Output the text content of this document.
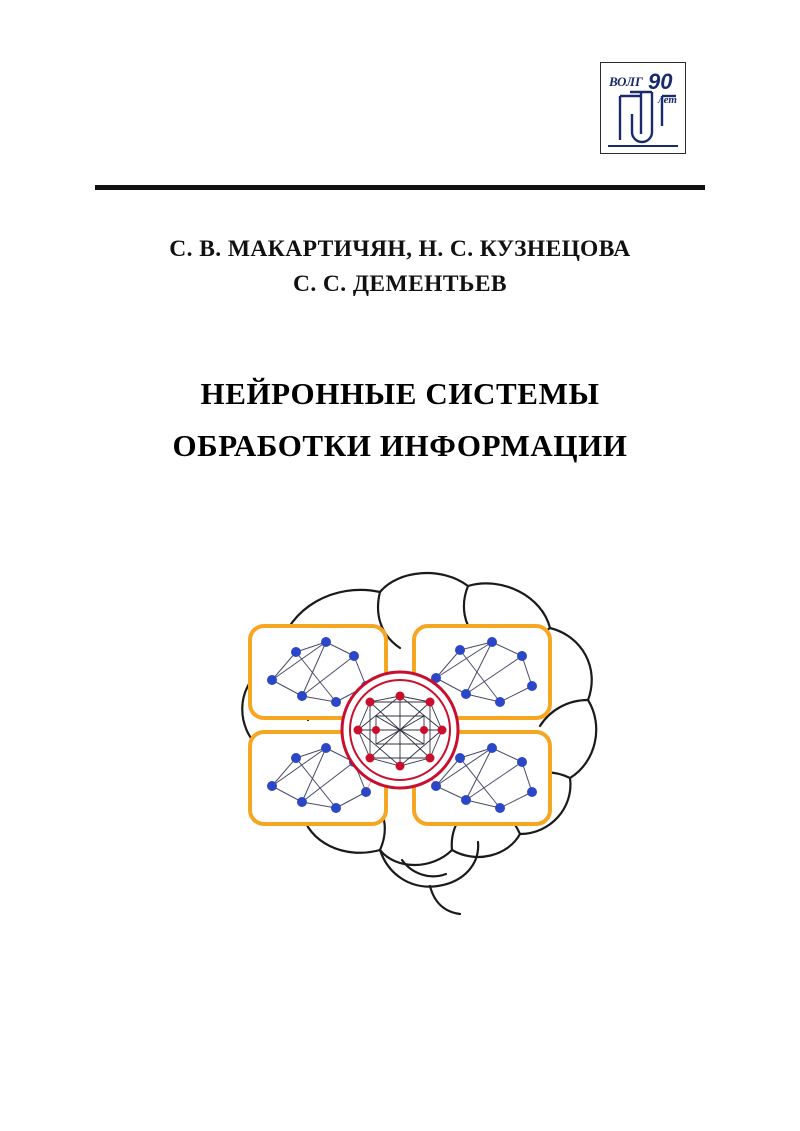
ВОЛГ 90
лет
С. В. МАКАРТИЧЯН, Н. С. КУЗНЕЦОВА
С. С. ДЕМЕНТЬЕВ
НЕЙРОННЫЕ СИСТЕМЫ
ОБРАБОТКИ ИНФОРМАЦИИ
